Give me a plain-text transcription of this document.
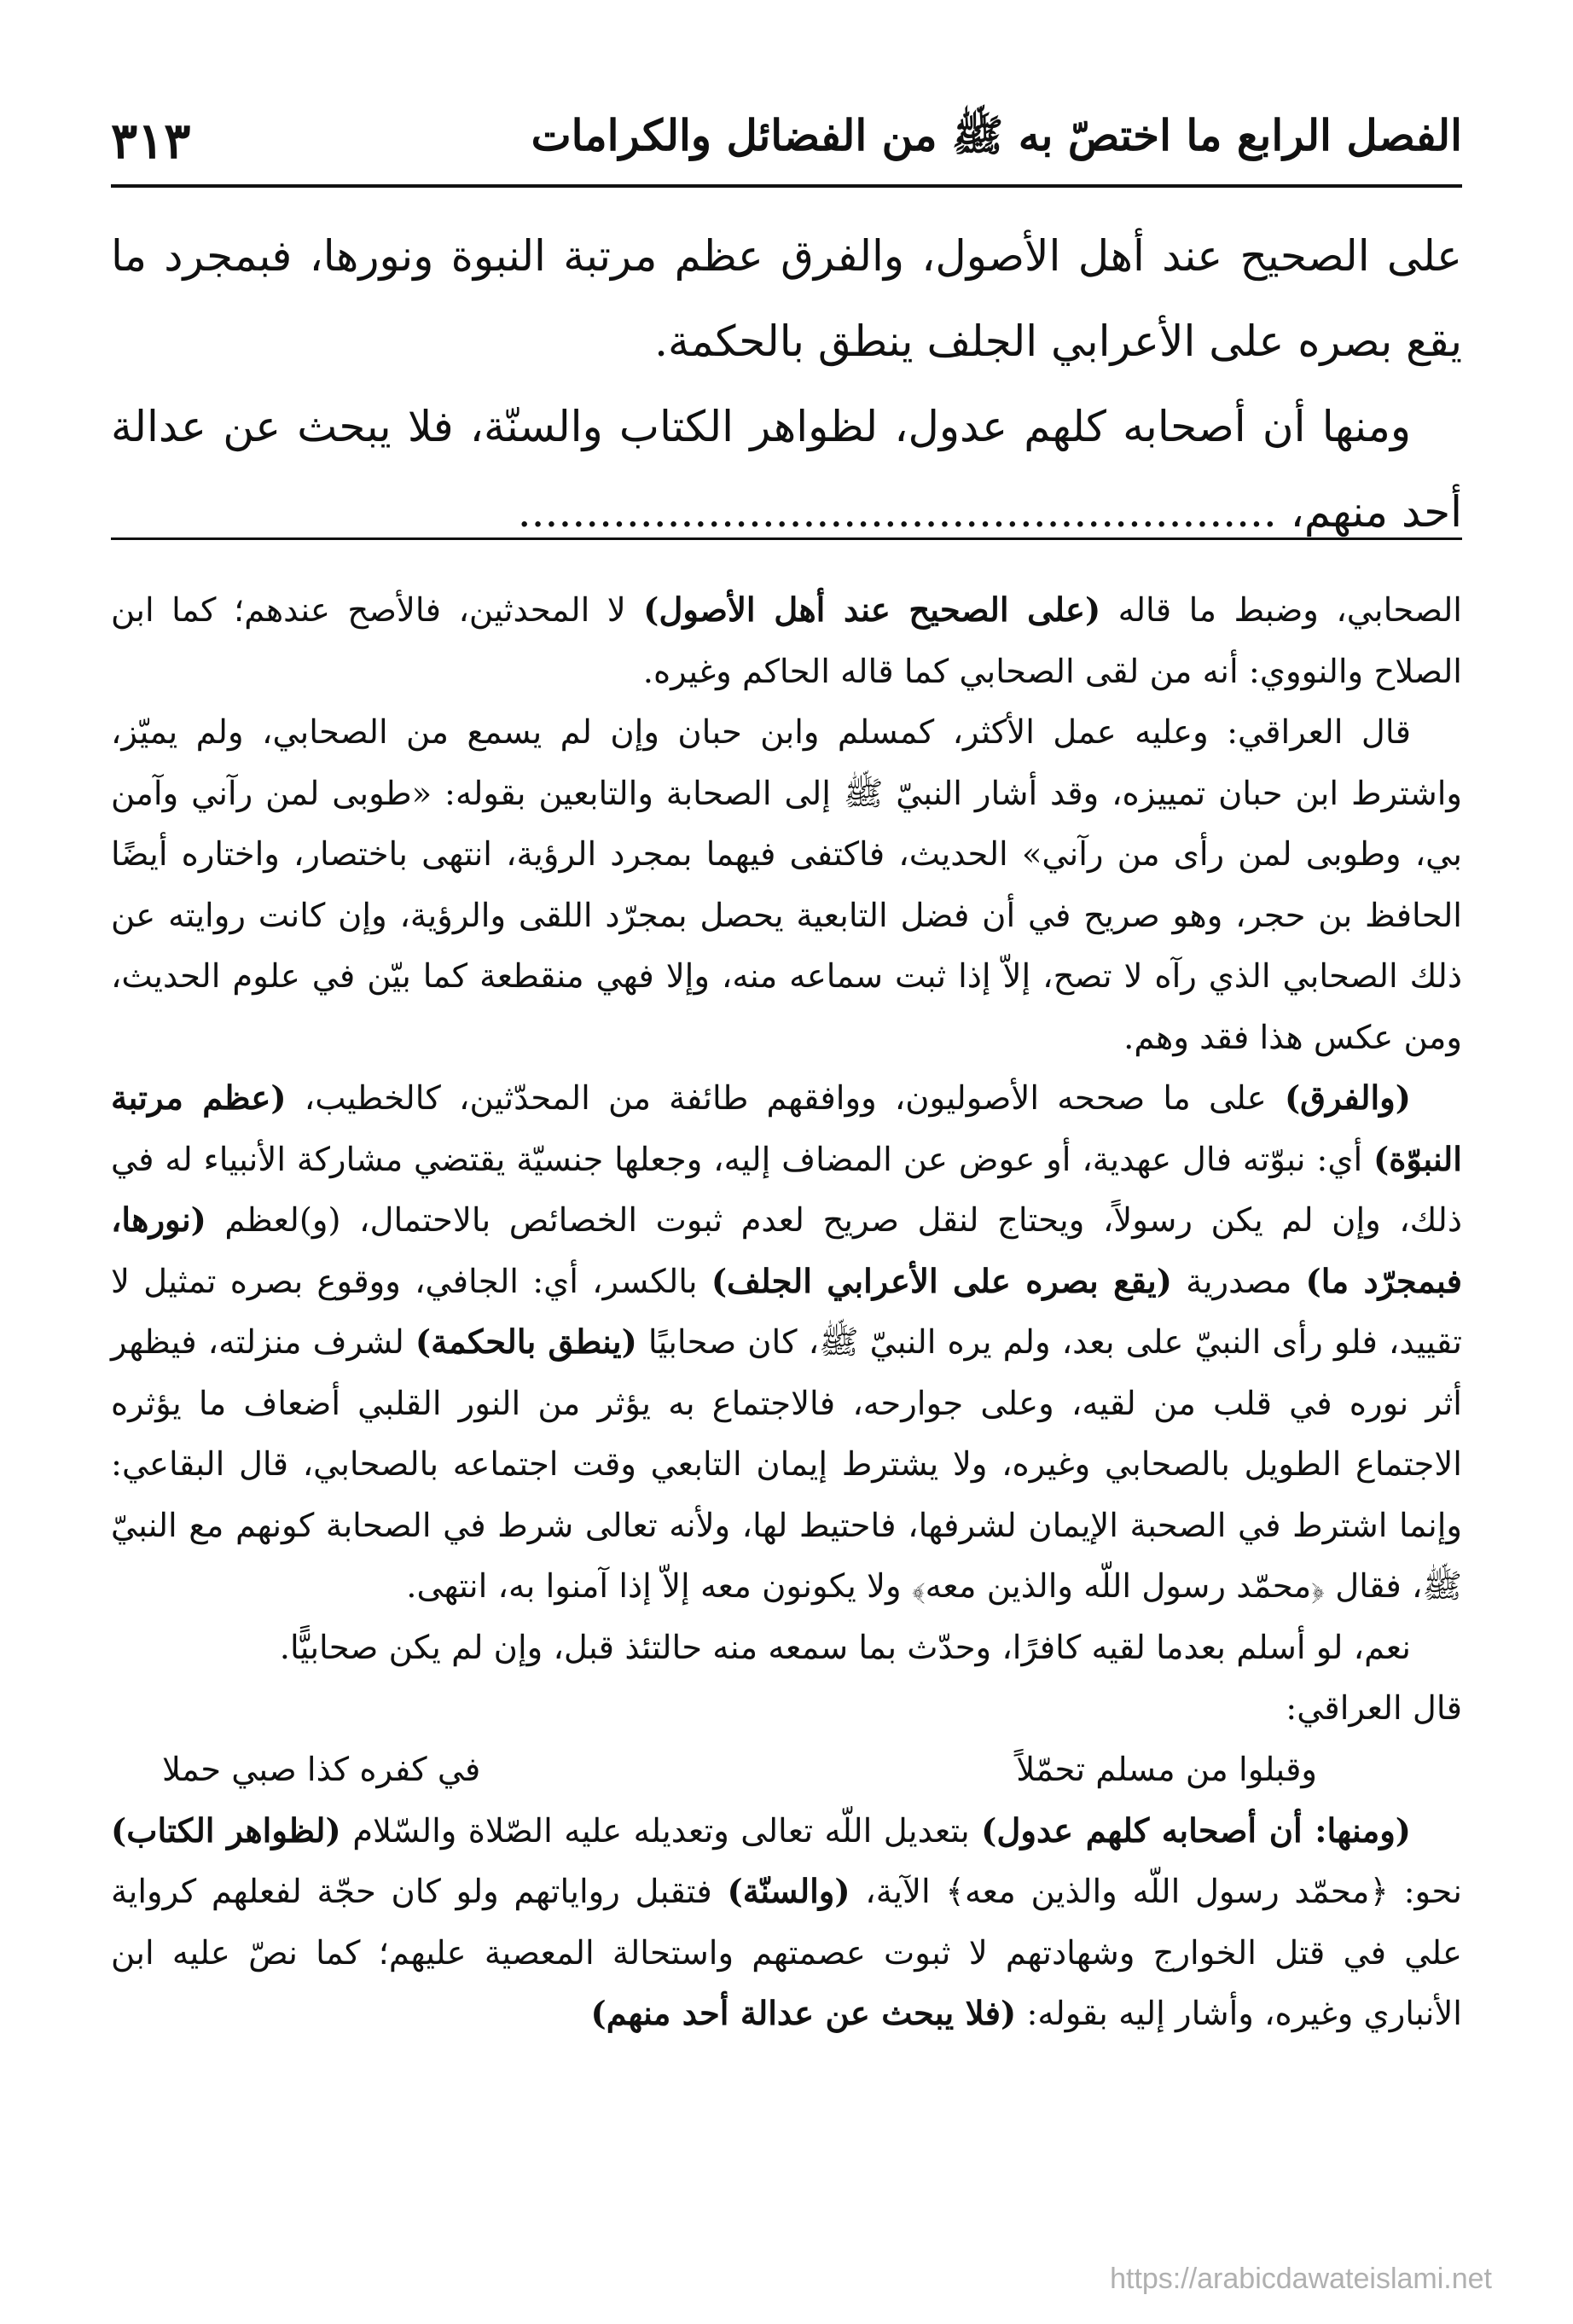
الفصل الرابع ما اختصّ به ﷺ من الفضائل والكرامات
٣١٣

على الصحيح عند أهل الأصول، والفرق عظم مرتبة النبوة ونورها، فبمجرد ما يقع بصره على الأعرابي الجلف ينطق بالحكمة.

ومنها أن أصحابه كلهم عدول، لظواهر الكتاب والسنّة، فلا يبحث عن عدالة أحد منهم، ........................................................

الصحابي، وضبط ما قاله (على الصحيح عند أهل الأصول) لا المحدثين، فالأصح عندهم؛ كما ابن الصلاح والنووي: أنه من لقى الصحابي كما قاله الحاكم وغيره.

قال العراقي: وعليه عمل الأكثر، كمسلم وابن حبان وإن لم يسمع من الصحابي، ولم يميّز، واشترط ابن حبان تمييزه، وقد أشار النبيّ ﷺ إلى الصحابة والتابعين بقوله: «طوبى لمن رآني وآمن بي، وطوبى لمن رأى من رآني» الحديث، فاكتفى فيهما بمجرد الرؤية، انتهى باختصار، واختاره أيضًا الحافظ بن حجر، وهو صريح في أن فضل التابعية يحصل بمجرّد اللقى والرؤية، وإن كانت روايته عن ذلك الصحابي الذي رآه لا تصح، إلاّ إذا ثبت سماعه منه، وإلا فهي منقطعة كما بيّن في علوم الحديث، ومن عكس هذا فقد وهم.

(والفرق) على ما صححه الأصوليون، ووافقهم طائفة من المحدّثين، كالخطيب، (عظم مرتبة النبوّة) أي: نبوّته فال عهدية، أو عوض عن المضاف إليه، وجعلها جنسيّة يقتضي مشاركة الأنبياء له في ذلك، وإن لم يكن رسولاً، ويحتاج لنقل صريح لعدم ثبوت الخصائص بالاحتمال، (و)لعظم (نورها، فبمجرّد ما) مصدرية (يقع بصره على الأعرابي الجلف) بالكسر، أي: الجافي، ووقوع بصره تمثيل لا تقييد، فلو رأى النبيّ على بعد، ولم يره النبيّ ﷺ، كان صحابيًا (ينطق بالحكمة) لشرف منزلته، فيظهر أثر نوره في قلب من لقيه، وعلى جوارحه، فالاجتماع به يؤثر من النور القلبي أضعاف ما يؤثره الاجتماع الطويل بالصحابي وغيره، ولا يشترط إيمان التابعي وقت اجتماعه بالصحابي، قال البقاعي: وإنما اشترط في الصحبة الإيمان لشرفها، فاحتيط لها، ولأنه تعالى شرط في الصحابة كونهم مع النبيّ ﷺ، فقال ﴿محمّد رسول اللّه والذين معه﴾ ولا يكونون معه إلاّ إذا آمنوا به، انتهى.

نعم، لو أسلم بعدما لقيه كافرًا، وحدّث بما سمعه منه حالتئذ قبل، وإن لم يكن صحابيًّا.

قال العراقي:

وقبلوا من مسلم تحمّلاً
في كفره كذا صبي حملا

(ومنها: أن أصحابه كلهم عدول) بتعديل اللّه تعالى وتعديله عليه الصّلاة والسّلام (لظواهر الكتاب) نحو: ﴿محمّد رسول اللّه والذين معه﴾ الآية، (والسنّة) فتقبل رواياتهم ولو كان حجّة لفعلهم كرواية علي في قتل الخوارج وشهادتهم لا ثبوت عصمتهم واستحالة المعصية عليهم؛ كما نصّ عليه ابن الأنباري وغيره، وأشار إليه بقوله: (فلا يبحث عن عدالة أحد منهم)

https://arabicdawateislami.net
